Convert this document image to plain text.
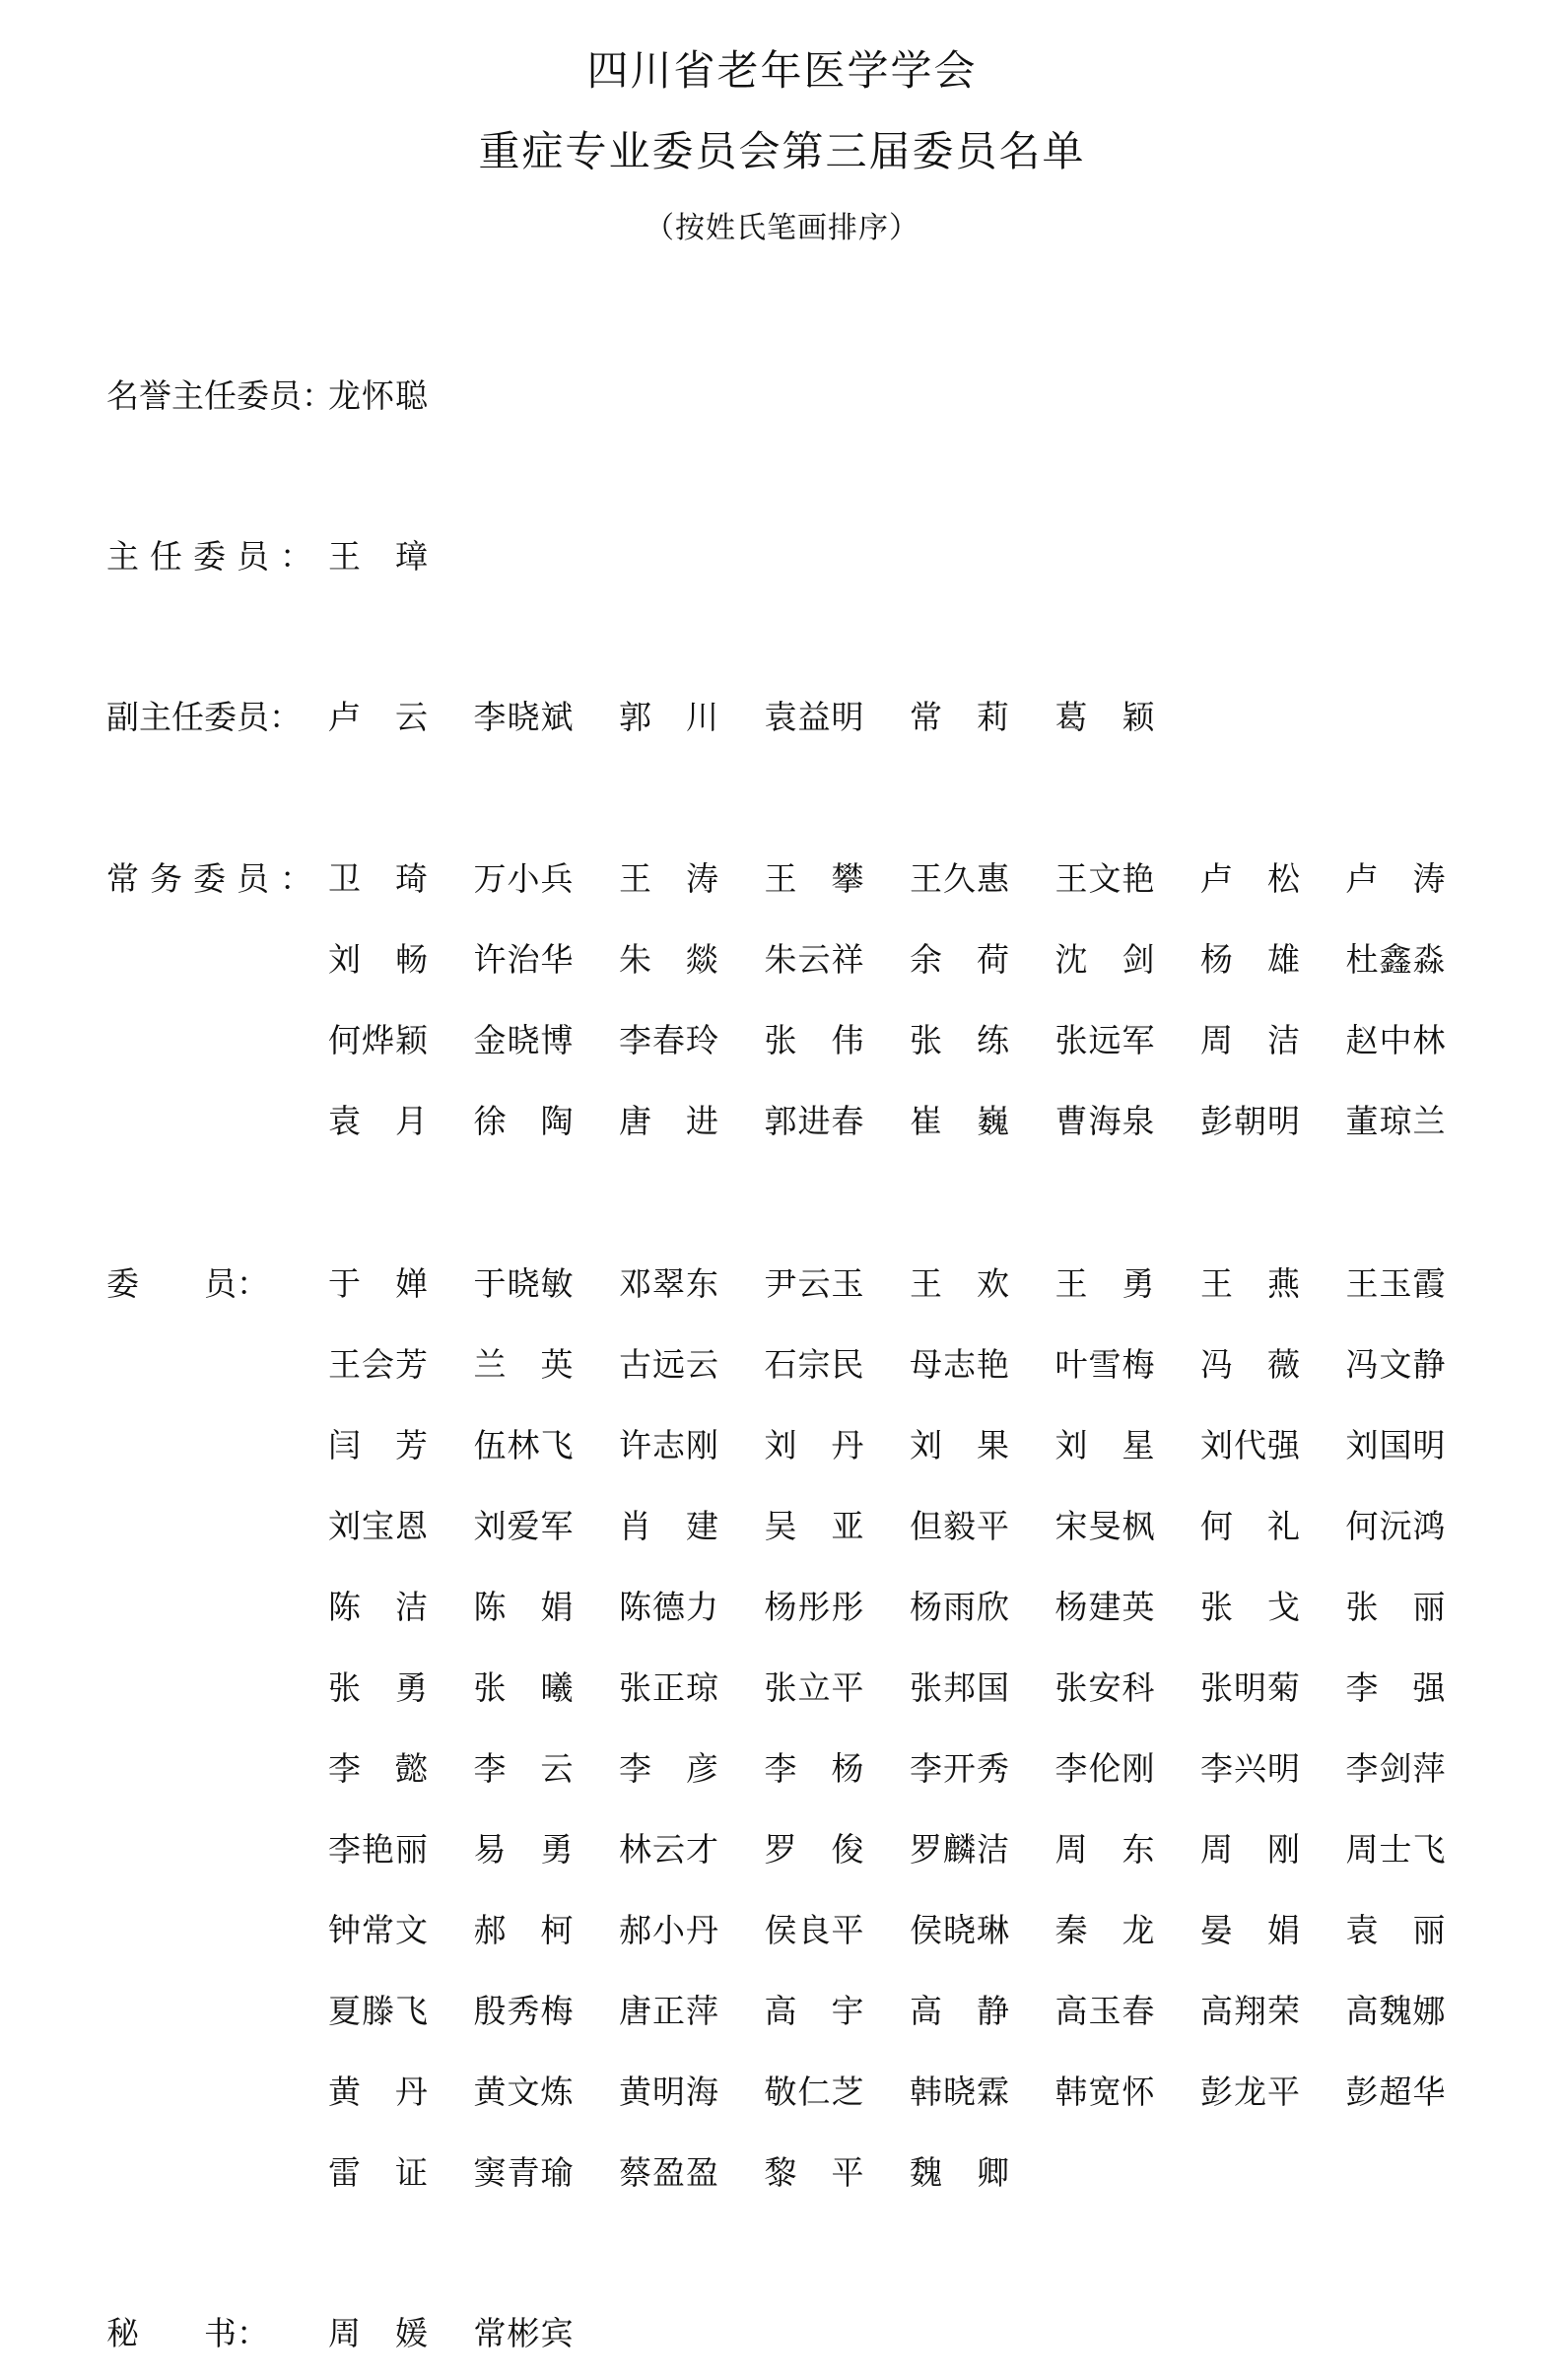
四川省老年医学学会
重症专业委员会第三届委员名单
（按姓氏笔画排序）
名誉主任委员：
龙怀聪
主任委员： 王　璋
副主任委员： 卢　云	李晓斌	郭　川	袁益明	常　莉	葛　颖
常务委员： 卫　琦	万小兵	王　涛	王　攀	王久惠	王文艳	卢　松	卢　涛
刘　畅	许治华	朱　燚	朱云祥	余　荷	沈　剑	杨　雄	杜鑫淼
何烨颖	金晓博	李春玲	张　伟	张　练	张远军	周　洁	赵中林
袁　月	徐　陶	唐　进	郭进春	崔　巍	曹海泉	彭朝明	董琼兰
委　　员：	于　婵	于晓敏	邓翠东	尹云玉	王　欢	王　勇	王　燕	王玉霞
王会芳	兰　英	古远云	石宗民	母志艳	叶雪梅	冯　薇	冯文静
闫　芳	伍林飞	许志刚	刘　丹	刘　果	刘　星	刘代强	刘国明
刘宝恩	刘爱军	肖　建	吴　亚	但毅平	宋旻枫	何　礼	何沅鸿
陈　洁	陈　娟	陈德力	杨彤彤	杨雨欣	杨建英	张　戈	张　丽
张　勇	张　曦	张正琼	张立平	张邦国	张安科	张明菊	李　强
李　懿	李　云	李　彦	李　杨	李开秀	李伦刚	李兴明	李剑萍
李艳丽	易　勇	林云才	罗　俊	罗麟洁	周　东	周　刚	周士飞
钟常文	郝　柯	郝小丹	侯良平	侯晓琳	秦　龙	晏　娟	袁　丽
夏滕飞	殷秀梅	唐正萍	高　宇	高　静	高玉春	高翔荣	高魏娜
黄　丹	黄文炼	黄明海	敬仁芝	韩晓霖	韩宽怀	彭龙平	彭超华
雷　证	窦青瑜	蔡盈盈	黎　平	魏　卿
秘　　书：	周　媛	常彬宾
